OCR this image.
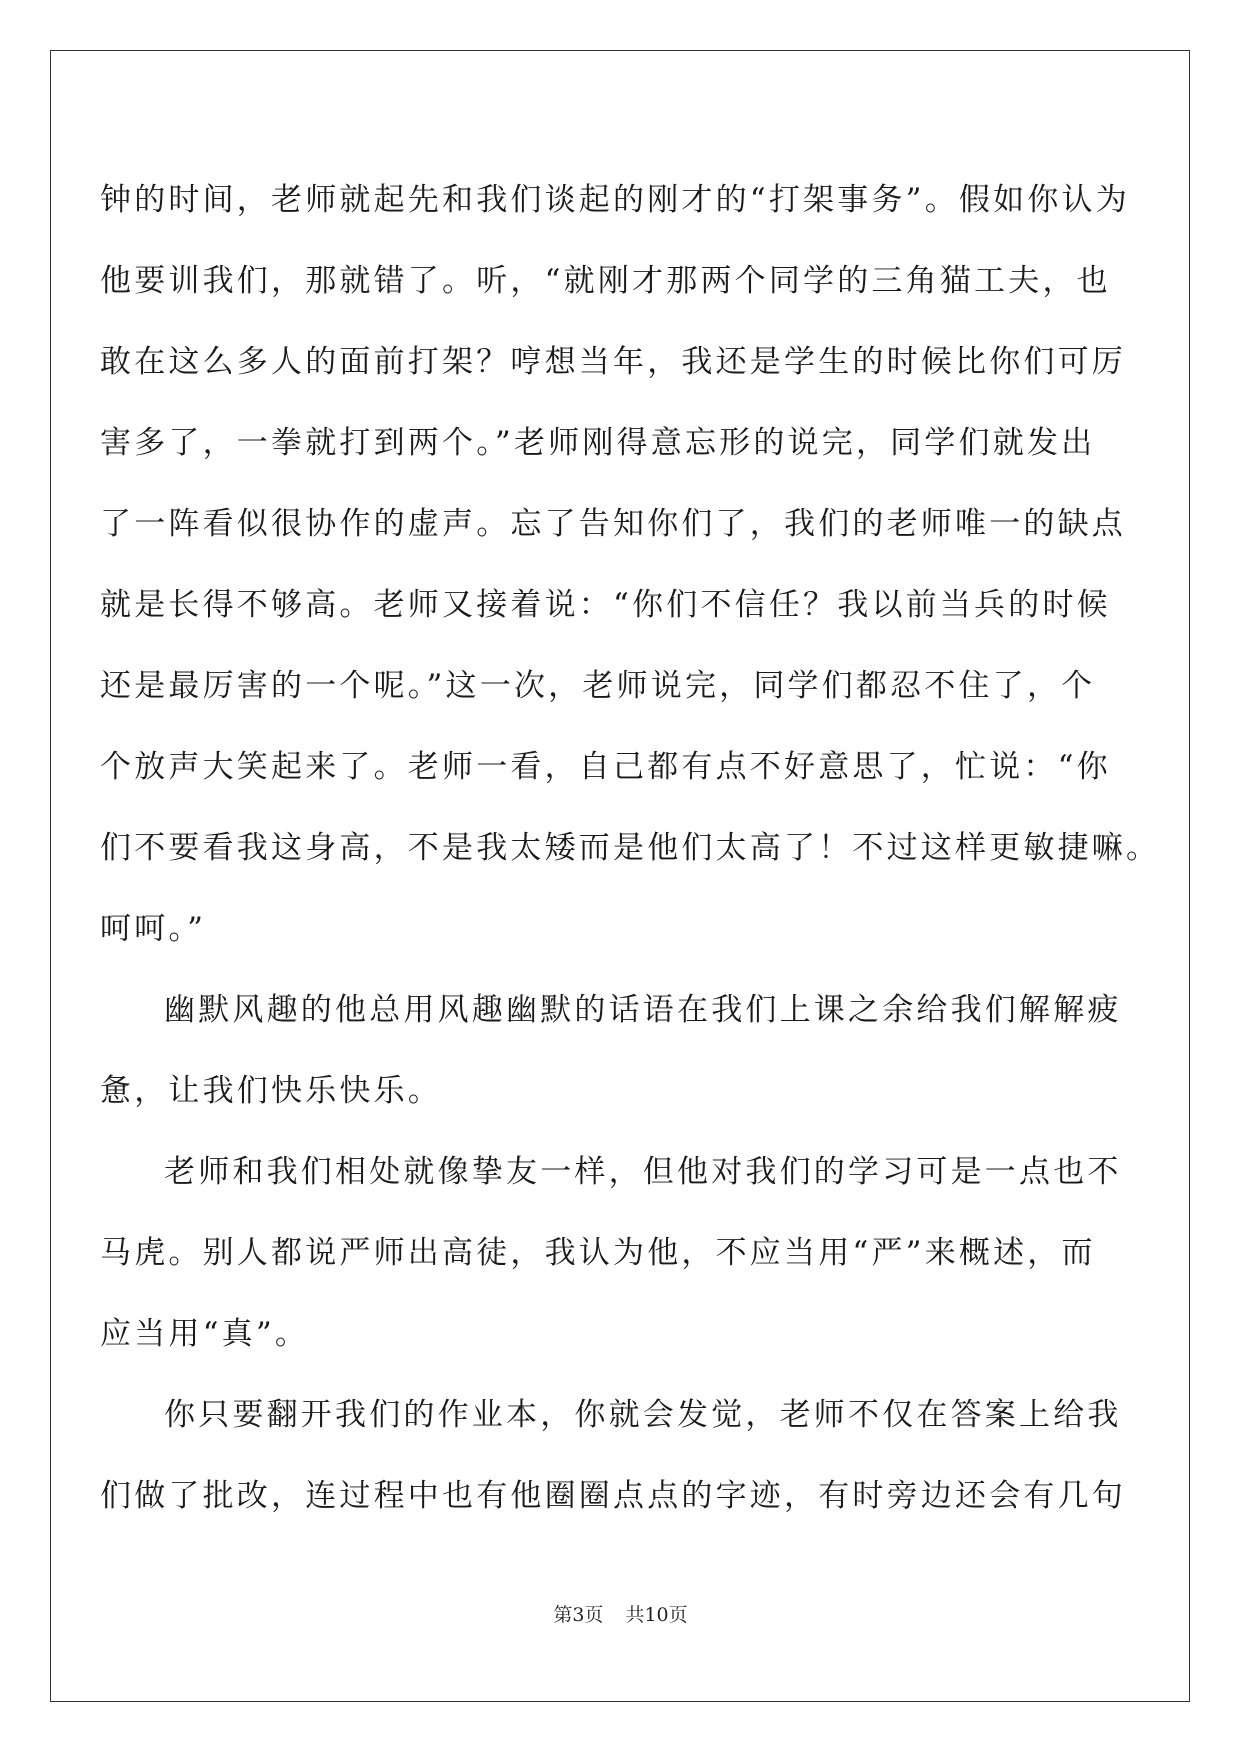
钟的时间，老师就起先和我们谈起的刚才的“打架事务”。假如你认为
他要训我们，那就错了。听，“就刚才那两个同学的三角猫工夫，也
敢在这么多人的面前打架？哼想当年，我还是学生的时候比你们可厉
害多了，一拳就打到两个。”老师刚得意忘形的说完，同学们就发出
了一阵看似很协作的虚声。忘了告知你们了，我们的老师唯一的缺点
就是长得不够高。老师又接着说：“你们不信任？我以前当兵的时候
还是最厉害的一个呢。”这一次，老师说完，同学们都忍不住了，个
个放声大笑起来了。老师一看，自己都有点不好意思了，忙说：“你
们不要看我这身高，不是我太矮而是他们太高了！不过这样更敏捷嘛。
呵呵。”
幽默风趣的他总用风趣幽默的话语在我们上课之余给我们解解疲
惫，让我们快乐快乐。
老师和我们相处就像挚友一样，但他对我们的学习可是一点也不
马虎。别人都说严师出高徒，我认为他，不应当用“严”来概述，而
应当用“真”。
你只要翻开我们的作业本，你就会发觉，老师不仅在答案上给我
们做了批改，连过程中也有他圈圈点点的字迹，有时旁边还会有几句
第3页 共10页
